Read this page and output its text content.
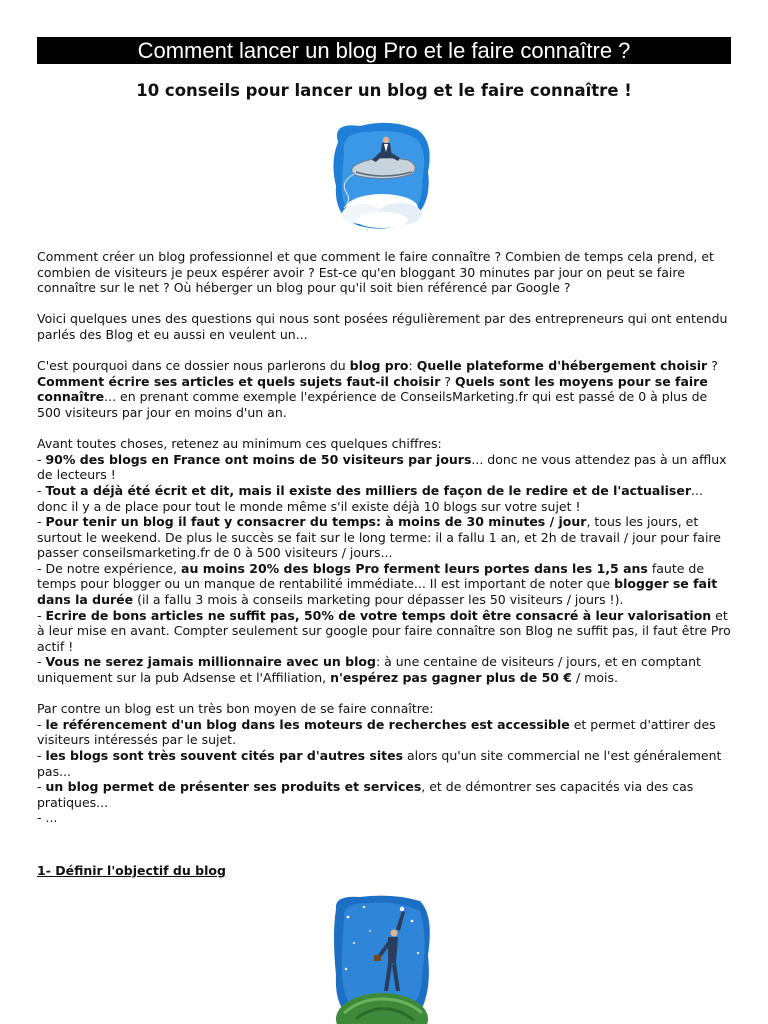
Comment lancer un blog Pro et le faire connaître ?
10 conseils pour lancer un blog et le faire connaître !

Comment créer un blog professionnel et que comment le faire connaître ? Combien de temps cela prend, et combien de visiteurs je peux espérer avoir ? Est-ce qu'en bloggant 30 minutes par jour on peut se faire connaître sur le net ? Où héberger un blog pour qu'il soit bien référencé par Google ?

Voici quelques unes des questions qui nous sont posées régulièrement par des entrepreneurs qui ont entendu parlés des Blog et eu aussi en veulent un...

C'est pourquoi dans ce dossier nous parlerons du blog pro: Quelle plateforme d'hébergement choisir ? Comment écrire ses articles et quels sujets faut-il choisir ? Quels sont les moyens pour se faire connaître... en prenant comme exemple l'expérience de ConseilsMarketing.fr qui est passé de 0 à plus de 500 visiteurs par jour en moins d'un an.

Avant toutes choses, retenez au minimum ces quelques chiffres:
- 90% des blogs en France ont moins de 50 visiteurs par jours... donc ne vous attendez pas à un afflux de lecteurs !
- Tout a déjà été écrit et dit, mais il existe des milliers de façon de le redire et de l'actualiser... donc il y a de place pour tout le monde même s'il existe déjà 10 blogs sur votre sujet !
- Pour tenir un blog il faut y consacrer du temps: à moins de 30 minutes / jour, tous les jours, et surtout le weekend. De plus le succès se fait sur le long terme: il a fallu 1 an, et 2h de travail / jour pour faire passer conseilsmarketing.fr de 0 à 500 visiteurs / jours...
- De notre expérience, au moins 20% des blogs Pro ferment leurs portes dans les 1,5 ans faute de temps pour blogger ou un manque de rentabilité immédiate... Il est important de noter que blogger se fait dans la durée (il a fallu 3 mois à conseils marketing pour dépasser les 50 visiteurs / jours !).
- Ecrire de bons articles ne suffit pas, 50% de votre temps doit être consacré à leur valorisation et à leur mise en avant. Compter seulement sur google pour faire connaître son Blog ne suffit pas, il faut être Pro actif !
- Vous ne serez jamais millionnaire avec un blog: à une centaine de visiteurs / jours, et en comptant uniquement sur la pub Adsense et l'Affiliation, n'espérez pas gagner plus de 50 € / mois.

Par contre un blog est un très bon moyen de se faire connaître:
- le référencement d'un blog dans les moteurs de recherches est accessible et permet d'attirer des visiteurs intéressés par le sujet.
- les blogs sont très souvent cités par d'autres sites alors qu'un site commercial ne l'est généralement pas...
- un blog permet de présenter ses produits et services, et de démontrer ses capacités via des cas pratiques...
- ...

1- Définir l'objectif du blog
